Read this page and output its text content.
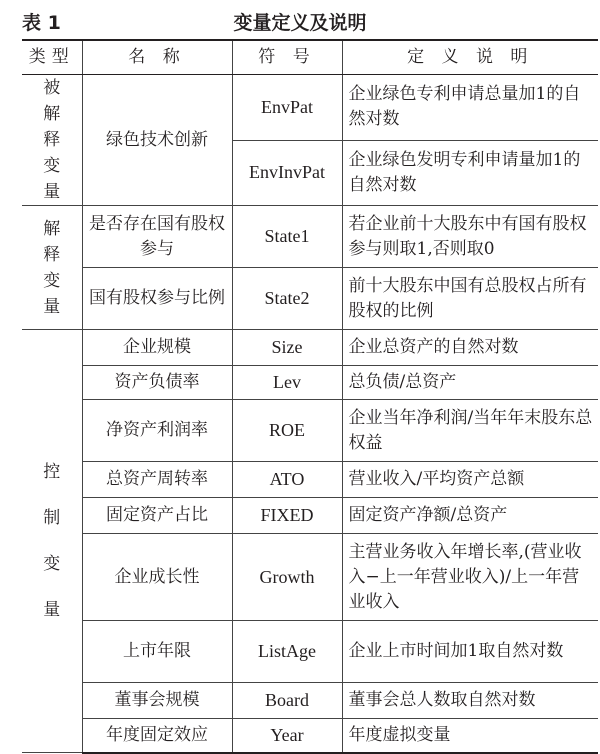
变量定义及说明
表 1
类型	名 称	符 号	定 义 说 明
被解释变量	绿色技术创新	EnvPat	企业绿色专利申请总量加1的自然对数
		EnvInvPat	企业绿色发明专利申请量加1的自然对数
解释变量	是否存在国有股权参与	State1	若企业前十大股东中有国有股权参与则取1,否则取0
	国有股权参与比例	State2	前十大股东中国有总股权占所有股权的比例
控制变量	企业规模	Size	企业总资产的自然对数
	资产负债率	Lev	总负债/总资产
	净资产利润率	ROE	企业当年净利润/当年年末股东总权益
	总资产周转率	ATO	营业收入/平均资产总额
	固定资产占比	FIXED	固定资产净额/总资产
	企业成长性	Growth	主营业务收入年增长率,(营业收入−上一年营业收入)/上一年营业收入
	上市年限	ListAge	企业上市时间加1取自然对数
	董事会规模	Board	董事会总人数取自然对数
	年度固定效应	Year	年度虚拟变量
